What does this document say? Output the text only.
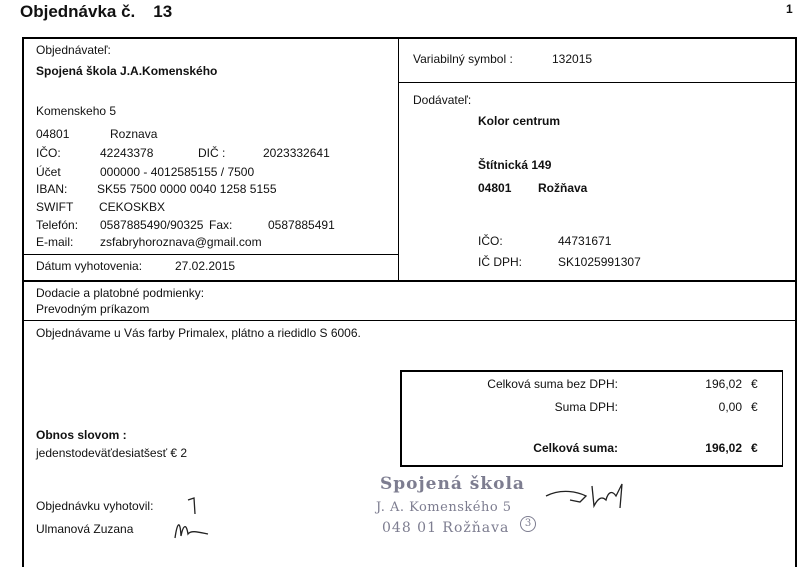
Objednávka č. 13	1
Objednávateľ:
Spojená škola J.A.Komenského
Komenskeho 5
04801	Roznava
IČO:	42243378	DIČ :	2023332641
Účet	000000 - 4012585155 / 7500
IBAN: SK55 7500 0000 0040 1258 5155
SWIFT CEKOSKBX
Telefón: 0587885490/90325 Fax:	0587885491
E-mail: zsfabryhoroznava@gmail.com
Dátum vyhotovenia:	27.02.2015
Variabilný symbol :	132015
Dodávateľ:
Kolor centrum
Štítnická 149
04801 Rožňava
IČO:	44731671
IČ DPH:	SK1025991307
Dodacie a platobné podmienky:
Prevodným príkazom
Objednávame u Vás farby Primalex, plátno a riedidlo S 6006.
Celková suma bez DPH:	196,02 €
Suma DPH:	0,00 €
Celková suma:	196,02 €
Obnos slovom :
jedenstodeväťdesiatšesť € 2
Objednávku vyhotovil:
Ulmanová Zuzana
Spojená škola
J. A. Komenského 5
048 01 Rožňava	3
